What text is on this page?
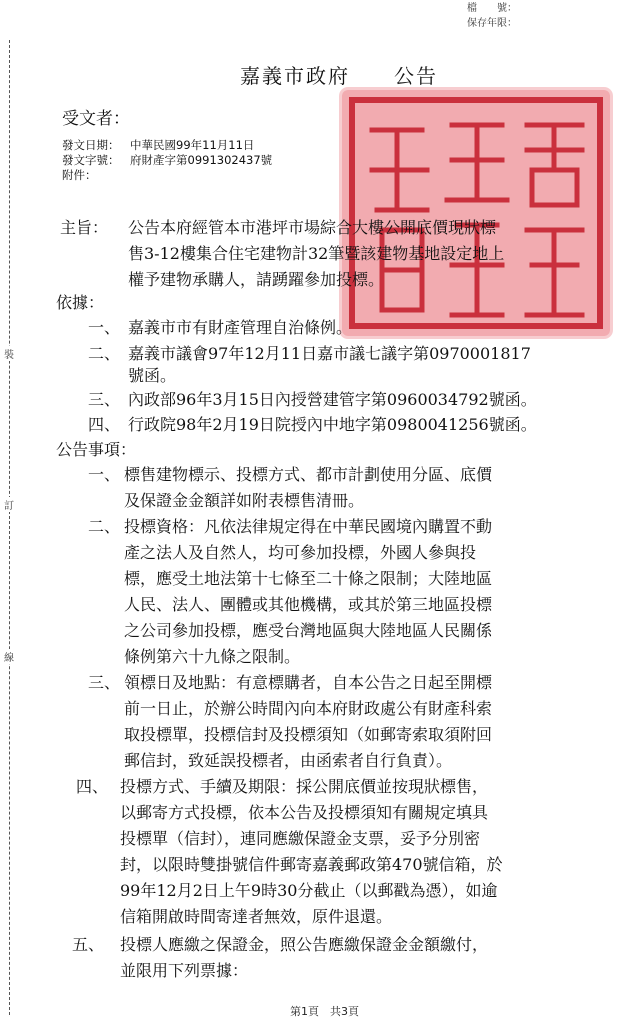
檔　　號：
保存年限：
裝
訂
線
嘉義市政府　　公告
受文者：
發文日期： 中華民國99年11月11日
發文字號： 府財產字第0991302437號
附件：
主旨： 公告本府經管本市港坪市場綜合大樓公開底價現狀標
售3-12樓集合住宅建物計32筆暨該建物基地設定地上
權予建物承購人，請踴躍參加投標。
依據：
一、 嘉義市市有財產管理自治條例。
二、 嘉義市議會97年12月11日嘉市議七議字第0970001817
號函。
三、 內政部96年3月15日內授營建管字第0960034792號函。
四、 行政院98年2月19日院授內中地字第0980041256號函。
公告事項：
一、 標售建物標示、投標方式、都市計劃使用分區、底價
及保證金金額詳如附表標售清冊。
二、 投標資格：凡依法律規定得在中華民國境內購置不動
產之法人及自然人，均可參加投標，外國人參與投
標，應受土地法第十七條至二十條之限制；大陸地區
人民、法人、團體或其他機構，或其於第三地區投標
之公司參加投標，應受台灣地區與大陸地區人民關係
條例第六十九條之限制。
三、 領標日及地點：有意標購者，自本公告之日起至開標
前一日止，於辦公時間內向本府財政處公有財產科索
取投標單，投標信封及投標須知（如郵寄索取須附回
郵信封，致延誤投標者，由函索者自行負責）。
四、 投標方式、手續及期限：採公開底價並按現狀標售，
以郵寄方式投標，依本公告及投標須知有關規定填具
投標單（信封），連同應繳保證金支票，妥予分別密
封，以限時雙掛號信件郵寄嘉義郵政第470號信箱，於
99年12月2日上午9時30分截止（以郵戳為憑），如逾
信箱開啟時間寄達者無效，原件退還。
五、 投標人應繳之保證金，照公告應繳保證金金額繳付，
並限用下列票據：
第1頁　 共3頁
